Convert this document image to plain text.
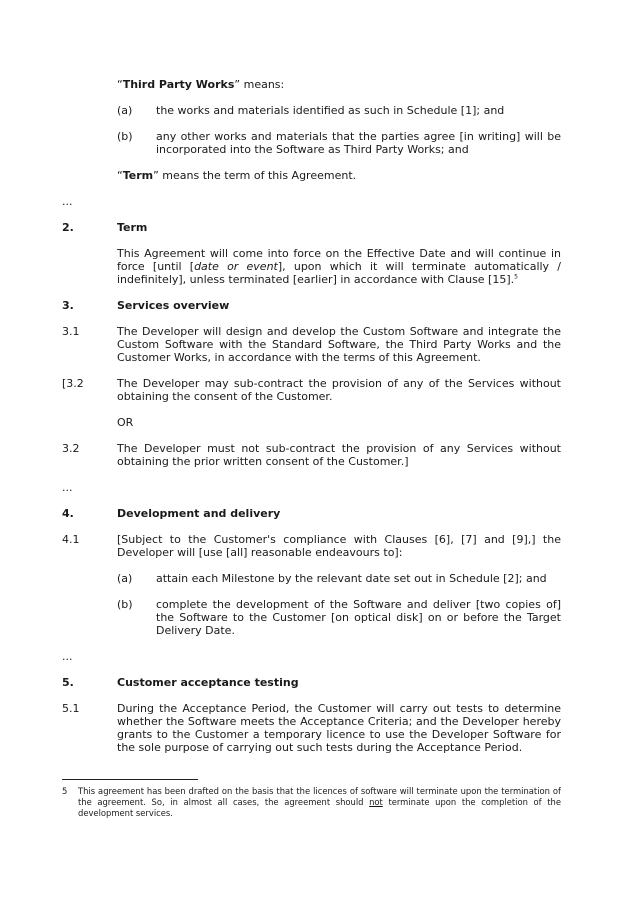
“Third Party Works” means:
(a) the works and materials identified as such in Schedule [1]; and
(b) any other works and materials that the parties agree [in writing] will be incorporated into the Software as Third Party Works; and
“Term” means the term of this Agreement.
...
2.	Term
This Agreement will come into force on the Effective Date and will continue in force [until [date or event], upon which it will terminate automatically / indefinitely], unless terminated [earlier] in accordance with Clause [15].$^5$
3.	Services overview
3.1	The Developer will design and develop the Custom Software and integrate the Custom Software with the Standard Software, the Third Party Works and the Customer Works, in accordance with the terms of this Agreement.
[3.2	The Developer may sub-contract the provision of any of the Services without obtaining the consent of the Customer.
OR
3.2	The Developer must not sub-contract the provision of any Services without obtaining the prior written consent of the Customer.]
...
4.	Development and delivery
4.1	[Subject to the Customer's compliance with Clauses [6], [7] and [9],] the Developer will [use [all] reasonable endeavours to]:
(a) attain each Milestone by the relevant date set out in Schedule [2]; and
(b) complete the development of the Software and deliver [two copies of] the Software to the Customer [on optical disk] on or before the Target Delivery Date.
...
5.	Customer acceptance testing
5.1	During the Acceptance Period, the Customer will carry out tests to determine whether the Software meets the Acceptance Criteria; and the Developer hereby grants to the Customer a temporary licence to use the Developer Software for the sole purpose of carrying out such tests during the Acceptance Period.
5 This agreement has been drafted on the basis that the licences of software will terminate upon the termination of the agreement. So, in almost all cases, the agreement should not terminate upon the completion of the development services.
